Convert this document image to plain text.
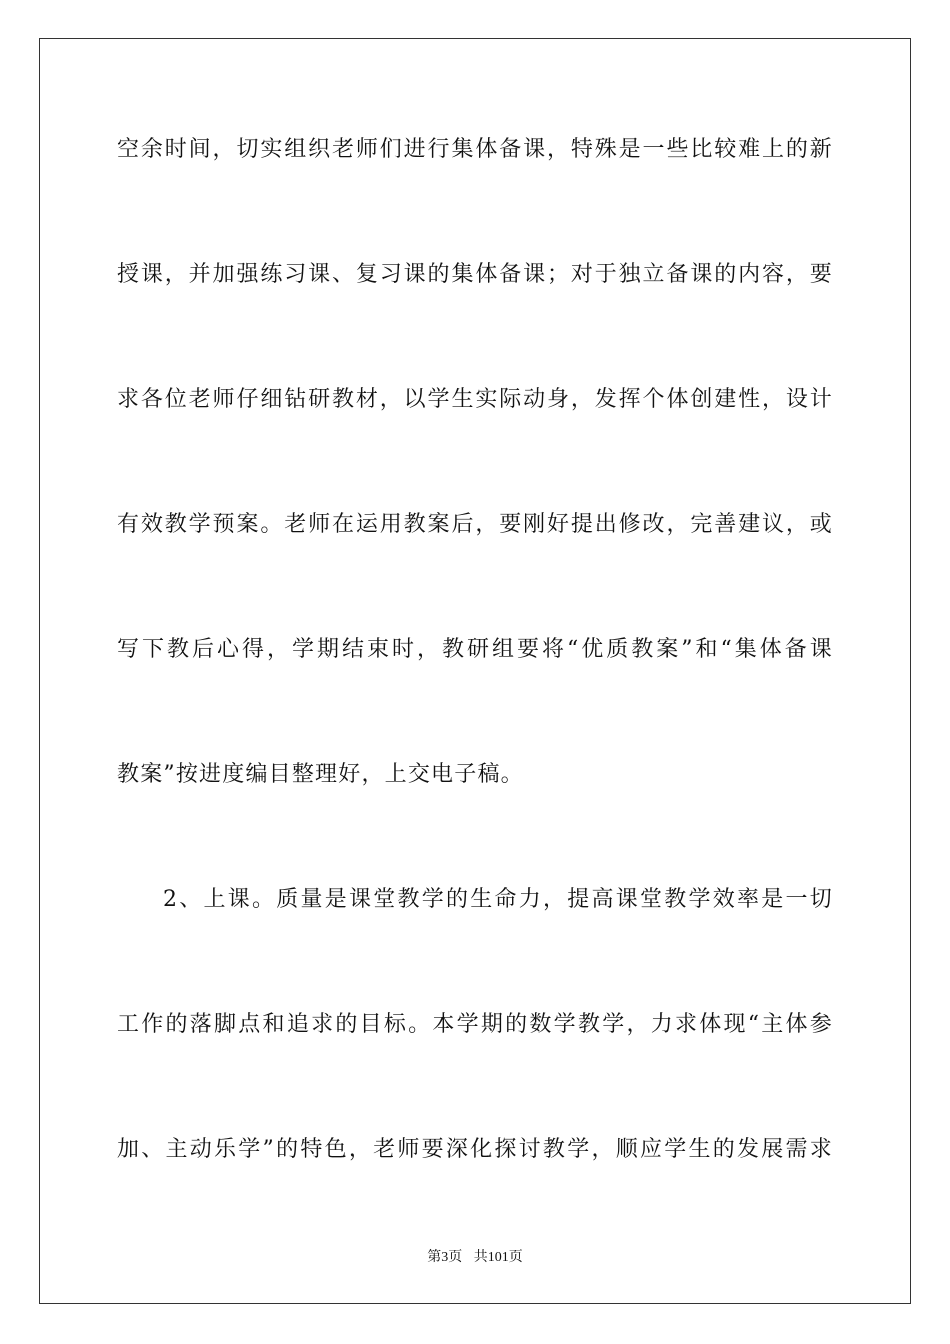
空余时间，切实组织老师们进行集体备课，特殊是一些比较难上的新
授课，并加强练习课、复习课的集体备课；对于独立备课的内容，要
求各位老师仔细钻研教材，以学生实际动身，发挥个体创建性，设计
有效教学预案。老师在运用教案后，要刚好提出修改，完善建议，或
写下教后心得，学期结束时，教研组要将“优质教案”和“集体备课
教案”按进度编目整理好，上交电子稿。
2、上课。质量是课堂教学的生命力，提高课堂教学效率是一切
工作的落脚点和追求的目标。本学期的数学教学，力求体现“主体参
加、主动乐学”的特色，老师要深化探讨教学，顺应学生的发展需求
第3页 共101页
